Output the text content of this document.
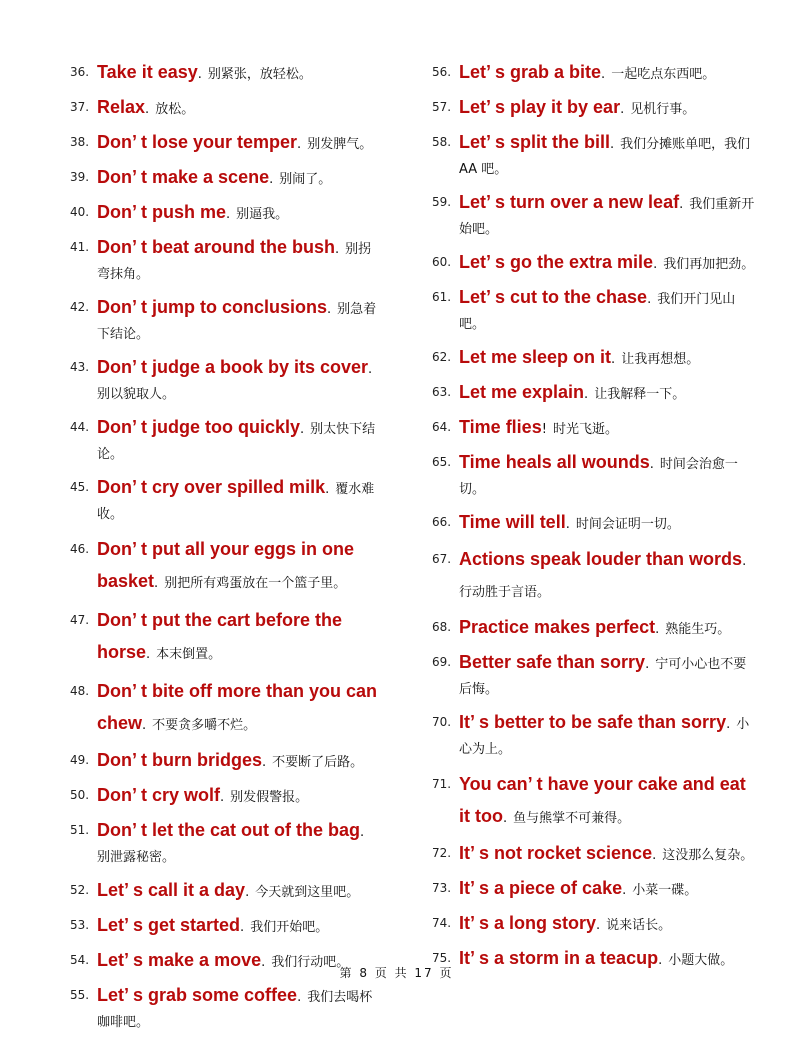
36. Take it easy. 别紧张，放轻松。
37. Relax. 放松。
38. Don’ t lose your temper. 别发脾气。
39. Don’ t make a scene. 别闹了。
40. Don’ t push me. 别逼我。
41. Don’ t beat around the bush. 别拐弯抹角。
42. Don’ t jump to conclusions. 别急着下结论。
43. Don’ t judge a book by its cover.别以貌取人。
44. Don’ t judge too quickly. 别太快下结论。
45. Don’ t cry over spilled milk. 覆水难收。
46. Don’ t put all your eggs in one basket. 别把所有鸡蛋放在一个篮子里。
47. Don’ t put the cart before the horse. 本末倒置。
48. Don’ t bite off more than you can chew. 不要贪多嚼不烂。
49. Don’ t burn bridges. 不要断了后路。
50. Don’ t cry wolf. 别发假警报。
51. Don’ t let the cat out of the bag.别泄露秘密。
52. Let’ s call it a day. 今天就到这里吧。
53. Let’ s get started. 我们开始吧。
54. Let’ s make a move. 我们行动吧。
55. Let’ s grab some coffee. 我们去喝杯咖啡吧。
56. Let’ s grab a bite. 一起吃点东西吧。
57. Let’ s play it by ear. 见机行事。
58. Let’ s split the bill. 我们分摊账单吧，我们 AA 吧。
59. Let’ s turn over a new leaf. 我们重新开始吧。
60. Let’ s go the extra mile. 我们再加把劲。
61. Let’ s cut to the chase. 我们开门见山吧。
62. Let me sleep on it. 让我再想想。
63. Let me explain. 让我解释一下。
64. Time flies! 时光飞逝。
65. Time heals all wounds. 时间会治愈一切。
66. Time will tell. 时间会证明一切。
67. Actions speak louder than words.行动胜于言语。
68. Practice makes perfect. 熟能生巧。
69. Better safe than sorry. 宁可小心也不要后悔。
70. It’ s better to be safe than sorry. 小心为上。
71. You can’ t have your cake and eat it too. 鱼与熊掌不可兼得。
72. It’ s not rocket science. 这没那么复杂。
73. It’ s a piece of cake. 小菜一碟。
74. It’ s a long story. 说来话长。
75. It’ s a storm in a teacup. 小题大做。
第 8 页 共 17 页
